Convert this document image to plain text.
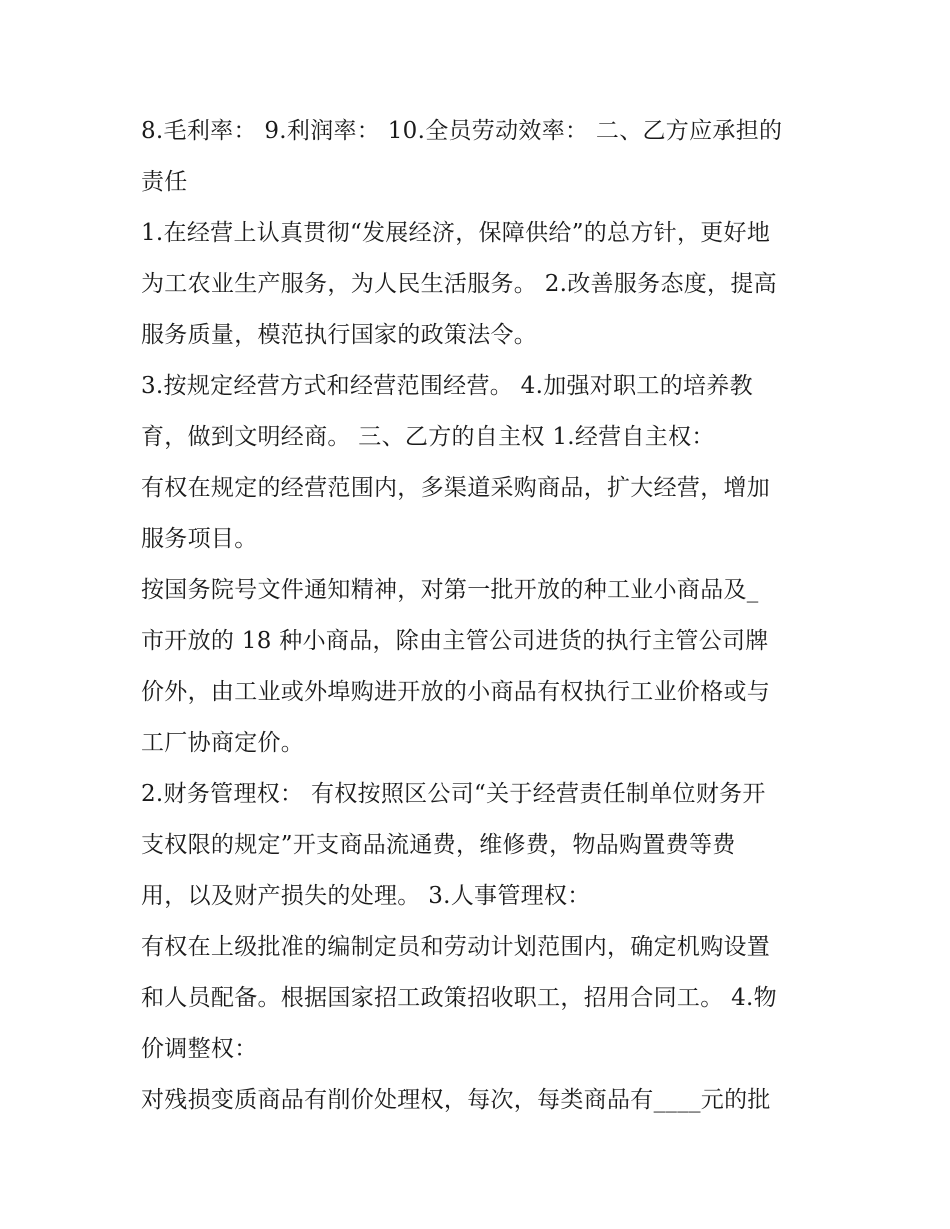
8.毛利率： 9.利润率： 10.全员劳动效率： 二、乙方应承担的
责任
1.在经营上认真贯彻“发展经济，保障供给”的总方针，更好地
为工农业生产服务，为人民生活服务。 2.改善服务态度，提高
服务质量，模范执行国家的政策法令。
3.按规定经营方式和经营范围经营。 4.加强对职工的培养教
育，做到文明经商。 三、乙方的自主权 1.经营自主权：
有权在规定的经营范围内，多渠道采购商品，扩大经营，增加
服务项目。
按国务院号文件通知精神，对第一批开放的种工业小商品及_
市开放的 18 种小商品，除由主管公司进货的执行主管公司牌
价外，由工业或外埠购进开放的小商品有权执行工业价格或与
工厂协商定价。
2.财务管理权： 有权按照区公司“关于经营责任制单位财务开
支权限的规定”开支商品流通费，维修费，物品购置费等费
用，以及财产损失的处理。 3.人事管理权：
有权在上级批准的编制定员和劳动计划范围内，确定机购设置
和人员配备。根据国家招工政策招收职工，招用合同工。 4.物
价调整权：
对残损变质商品有削价处理权，每次，每类商品有____元的批
